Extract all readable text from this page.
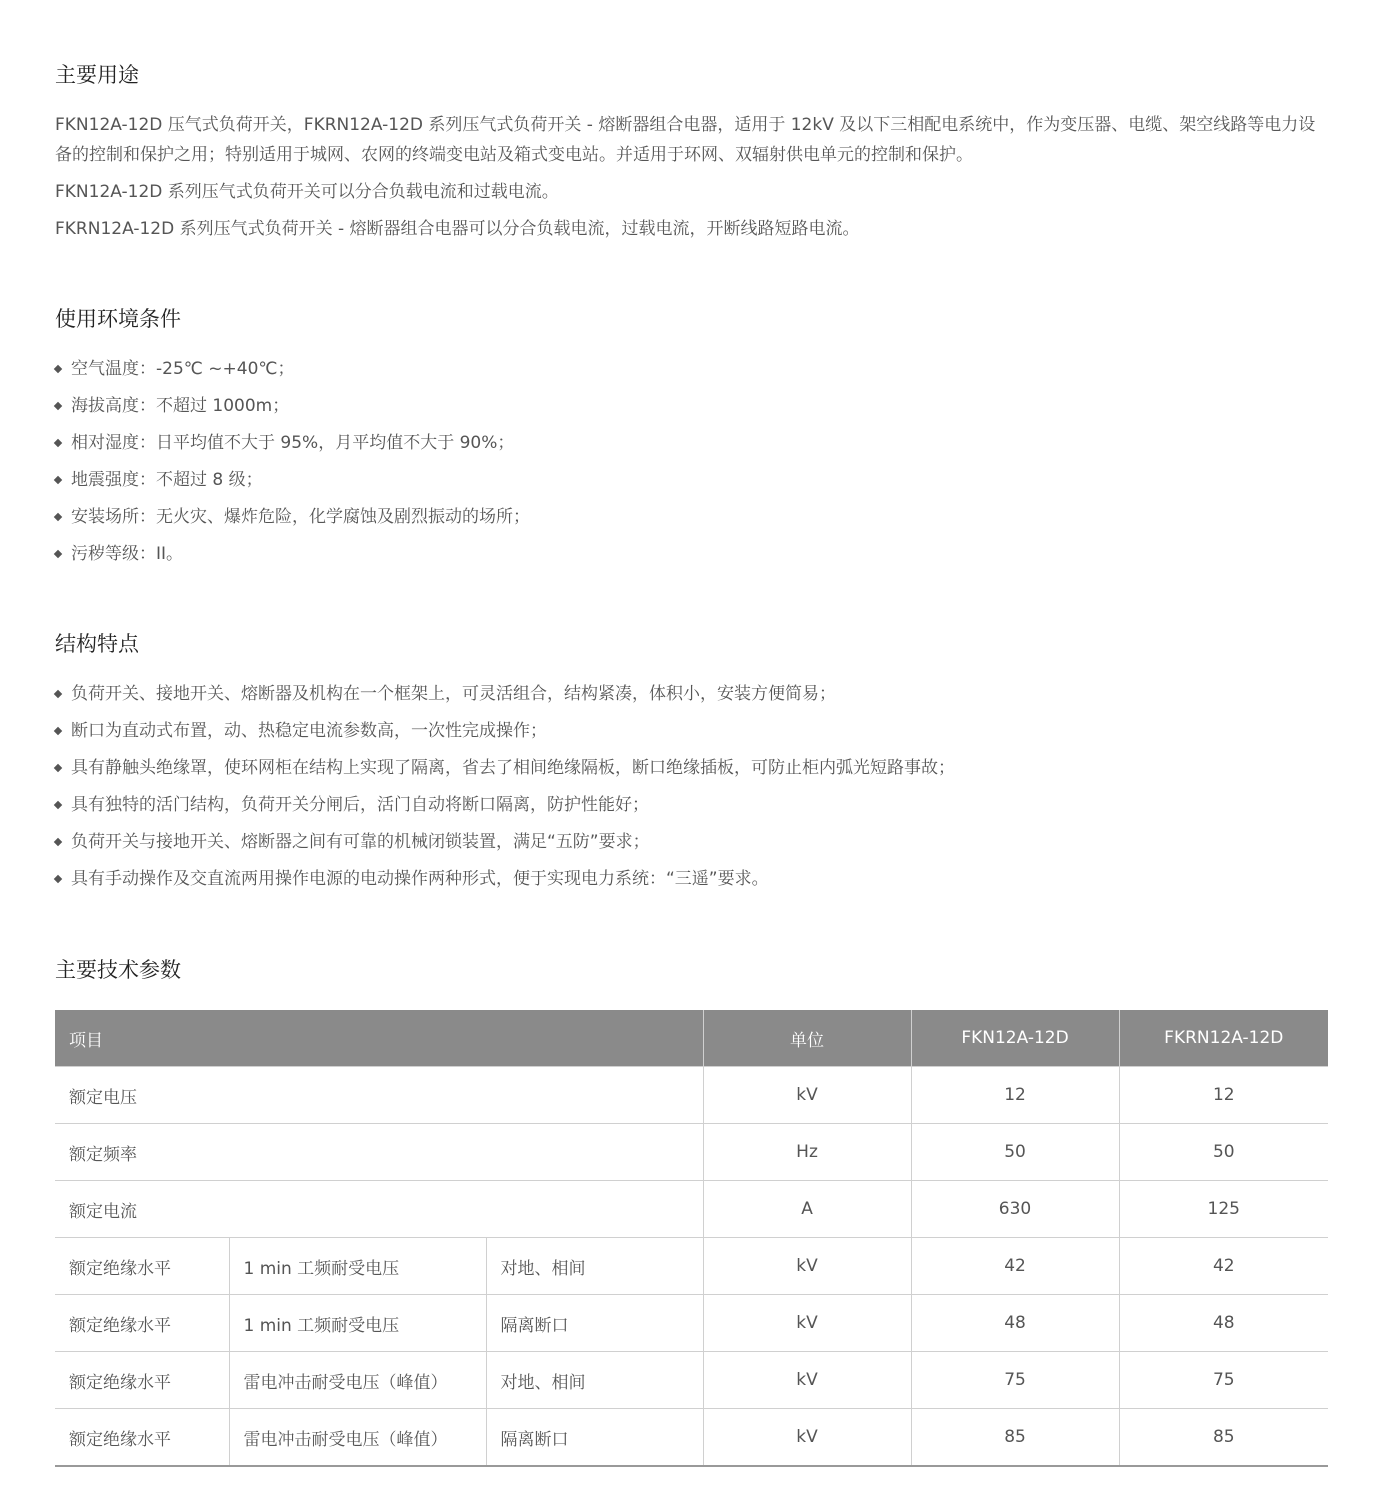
主要用途

FKN12A-12D 压气式负荷开关，FKRN12A-12D 系列压气式负荷开关 - 熔断器组合电器，适用于 12kV 及以下三相配电系统中，作为变压器、电缆、架空线路等电力设备的控制和保护之用；特别适用于城网、农网的终端变电站及箱式变电站。并适用于环网、双辐射供电单元的控制和保护。

FKN12A-12D 系列压气式负荷开关可以分合负载电流和过载电流。

FKRN12A-12D 系列压气式负荷开关 - 熔断器组合电器可以分合负载电流，过载电流，开断线路短路电流。

使用环境条件
空气温度：-25℃ ~+40℃；
海拔高度：不超过 1000m；
相对湿度：日平均值不大于 95%，月平均值不大于 90%；
地震强度：不超过 8 级；
安装场所：无火灾、爆炸危险，化学腐蚀及剧烈振动的场所；
污秽等级：II。
结构特点
负荷开关、接地开关、熔断器及机构在一个框架上，可灵活组合，结构紧凑，体积小，安装方便简易；
断口为直动式布置，动、热稳定电流参数高，一次性完成操作；
具有静触头绝缘罩，使环网柜在结构上实现了隔离，省去了相间绝缘隔板，断口绝缘插板，可防止柜内弧光短路事故；
具有独特的活门结构，负荷开关分闸后，活门自动将断口隔离，防护性能好；
负荷开关与接地开关、熔断器之间有可靠的机械闭锁装置，满足“五防”要求；
具有手动操作及交直流两用操作电源的电动操作两种形式，便于实现电力系统：“三遥”要求。
主要技术参数
项目			单位	FKN12A-12D	FKRN12A-12D
额定电压			kV	12	12
额定频率			Hz	50	50
额定电流			A	630	125
额定绝缘水平	1 min 工频耐受电压	对地、相间	kV	42	42
额定绝缘水平	1 min 工频耐受电压	隔离断口	kV	48	48
额定绝缘水平	雷电冲击耐受电压（峰值）	对地、相间	kV	75	75
额定绝缘水平	雷电冲击耐受电压（峰值）	隔离断口	kV	85	85
